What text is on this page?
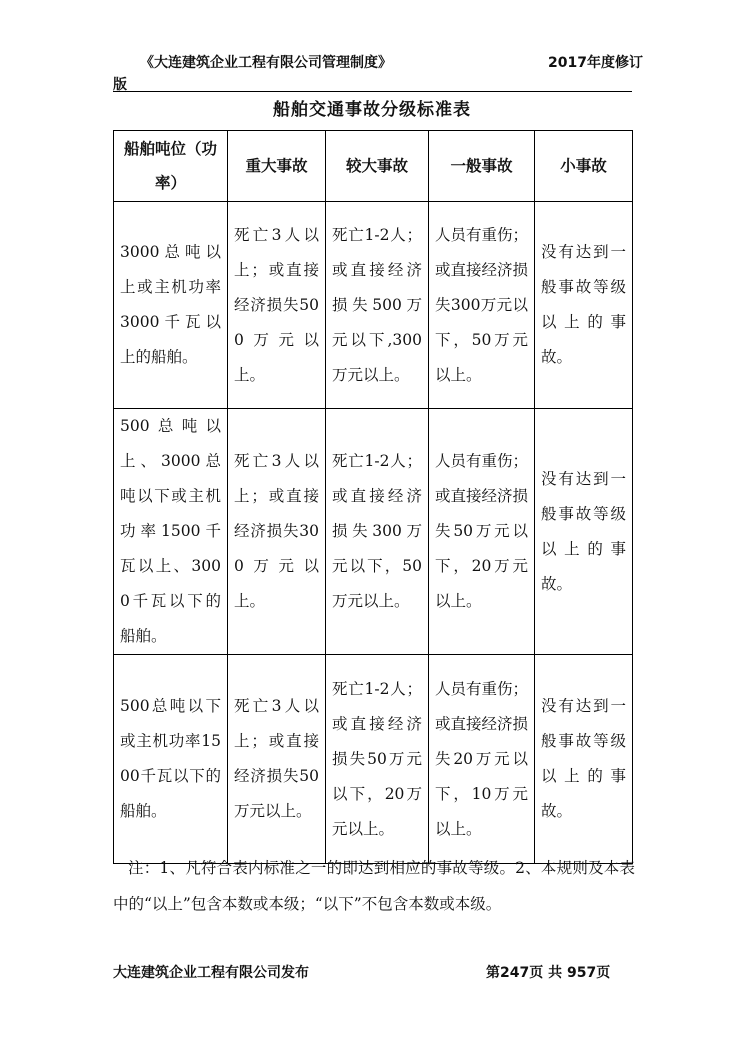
《大连建筑企业工程有限公司管理制度》	2017年度修订
版
船舶交通事故分级标准表
船舶吨位（功率）	重大事故	较大事故	一般事故	小事故
3000总吨以上或主机功率3000千瓦以上的船舶。	死亡3人以上；或直接经济损失500万元以上。	死亡1-2人；或直接经济损失500万元以下,300万元以上。	人员有重伤；或直接经济损失300万元以下，50万元以上。	没有达到一般事故等级以上的事故。
500总吨以上、3000总吨以下或主机功率1500千瓦以上、3000千瓦以下的船舶。	死亡3人以上；或直接经济损失300万元以上。	死亡1-2人；或直接经济损失300万元以下，50万元以上。	人员有重伤；或直接经济损失50万元以下，20万元以上。	没有达到一般事故等级以上的事故。
500总吨以下或主机功率1500千瓦以下的船舶。	死亡3人以上；或直接经济损失50万元以上。	死亡1-2人；或直接经济损失50万元以下，20万元以上。	人员有重伤；或直接经济损失20万元以下，10万元以上。	没有达到一般事故等级以上的事故。
注：1、凡符合表内标准之一的即达到相应的事故等级。2、本规则及本表中的“以上”包含本数或本级；“以下”不包含本数或本级。
大连建筑企业工程有限公司发布	第247页 共 957页
